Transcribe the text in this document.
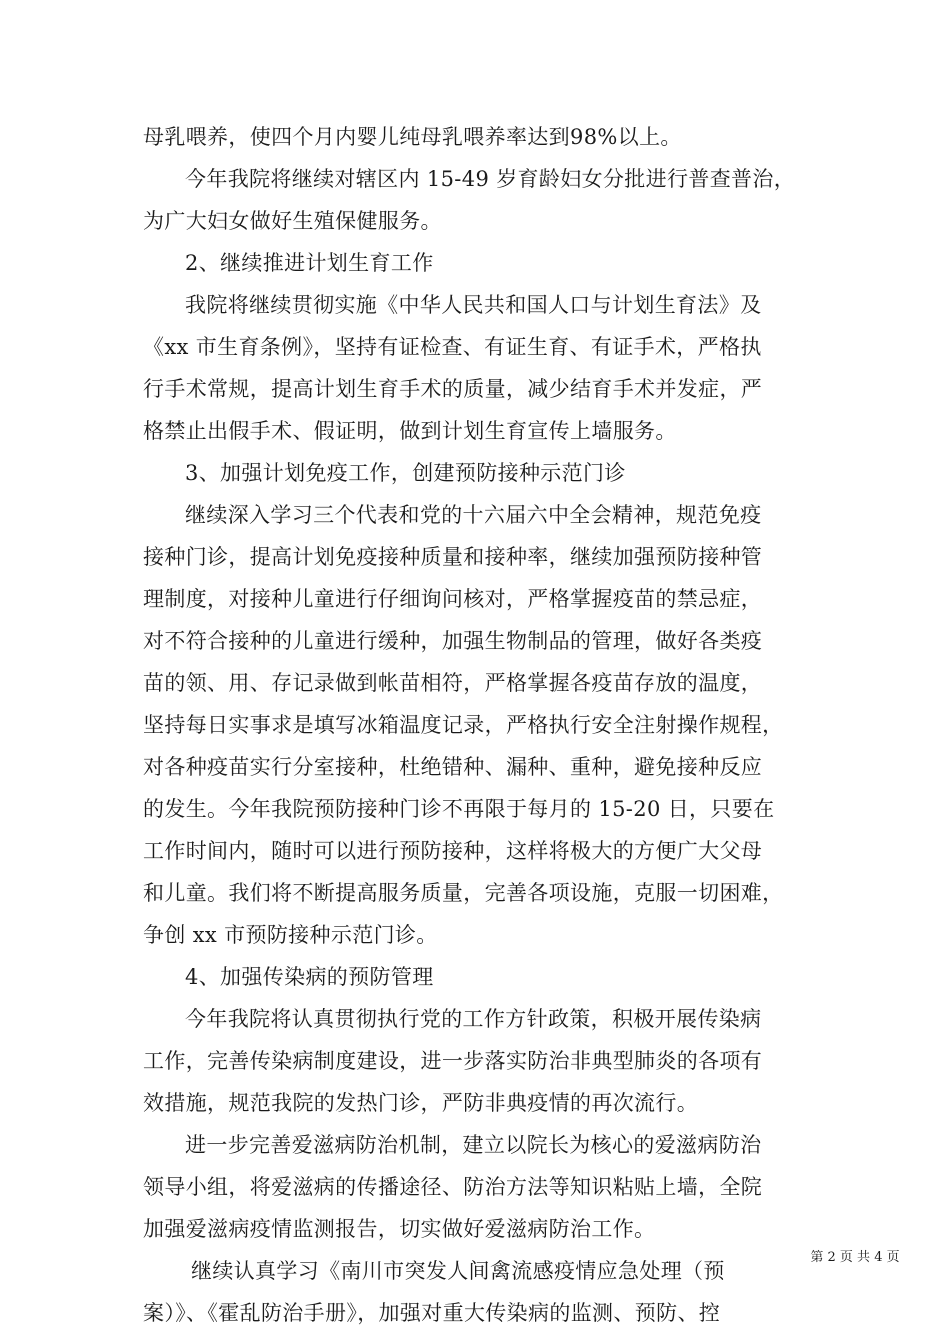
母乳喂养，使四个月内婴儿纯母乳喂养率达到98%以上。
今年我院将继续对辖区内 15-49 岁育龄妇女分批进行普查普治，
为广大妇女做好生殖保健服务。
2、继续推进计划生育工作
我院将继续贯彻实施《中华人民共和国人口与计划生育法》及
《xx 市生育条例》，坚持有证检查、有证生育、有证手术，严格执
行手术常规，提高计划生育手术的质量，减少结育手术并发症，严
格禁止出假手术、假证明，做到计划生育宣传上墙服务。
3、加强计划免疫工作，创建预防接种示范门诊
继续深入学习三个代表和党的十六届六中全会精神，规范免疫
接种门诊，提高计划免疫接种质量和接种率，继续加强预防接种管
理制度，对接种儿童进行仔细询问核对，严格掌握疫苗的禁忌症，
对不符合接种的儿童进行缓种，加强生物制品的管理，做好各类疫
苗的领、用、存记录做到帐苗相符，严格掌握各疫苗存放的温度，
坚持每日实事求是填写冰箱温度记录，严格执行安全注射操作规程，
对各种疫苗实行分室接种，杜绝错种、漏种、重种，避免接种反应
的发生。今年我院预防接种门诊不再限于每月的 15-20 日，只要在
工作时间内，随时可以进行预防接种，这样将极大的方便广大父母
和儿童。我们将不断提高服务质量，完善各项设施，克服一切困难，
争创 xx 市预防接种示范门诊。
4、加强传染病的预防管理
今年我院将认真贯彻执行党的工作方针政策，积极开展传染病
工作，完善传染病制度建设，进一步落实防治非典型肺炎的各项有
效措施，规范我院的发热门诊，严防非典疫情的再次流行。
进一步完善爱滋病防治机制，建立以院长为核心的爱滋病防治
领导小组，将爱滋病的传播途径、防治方法等知识粘贴上墙，全院
加强爱滋病疫情监测报告，切实做好爱滋病防治工作。
继续认真学习《南川市突发人间禽流感疫情应急处理（预
案）》、《霍乱防治手册》，加强对重大传染病的监测、预防、控
第 2 页 共 4 页
